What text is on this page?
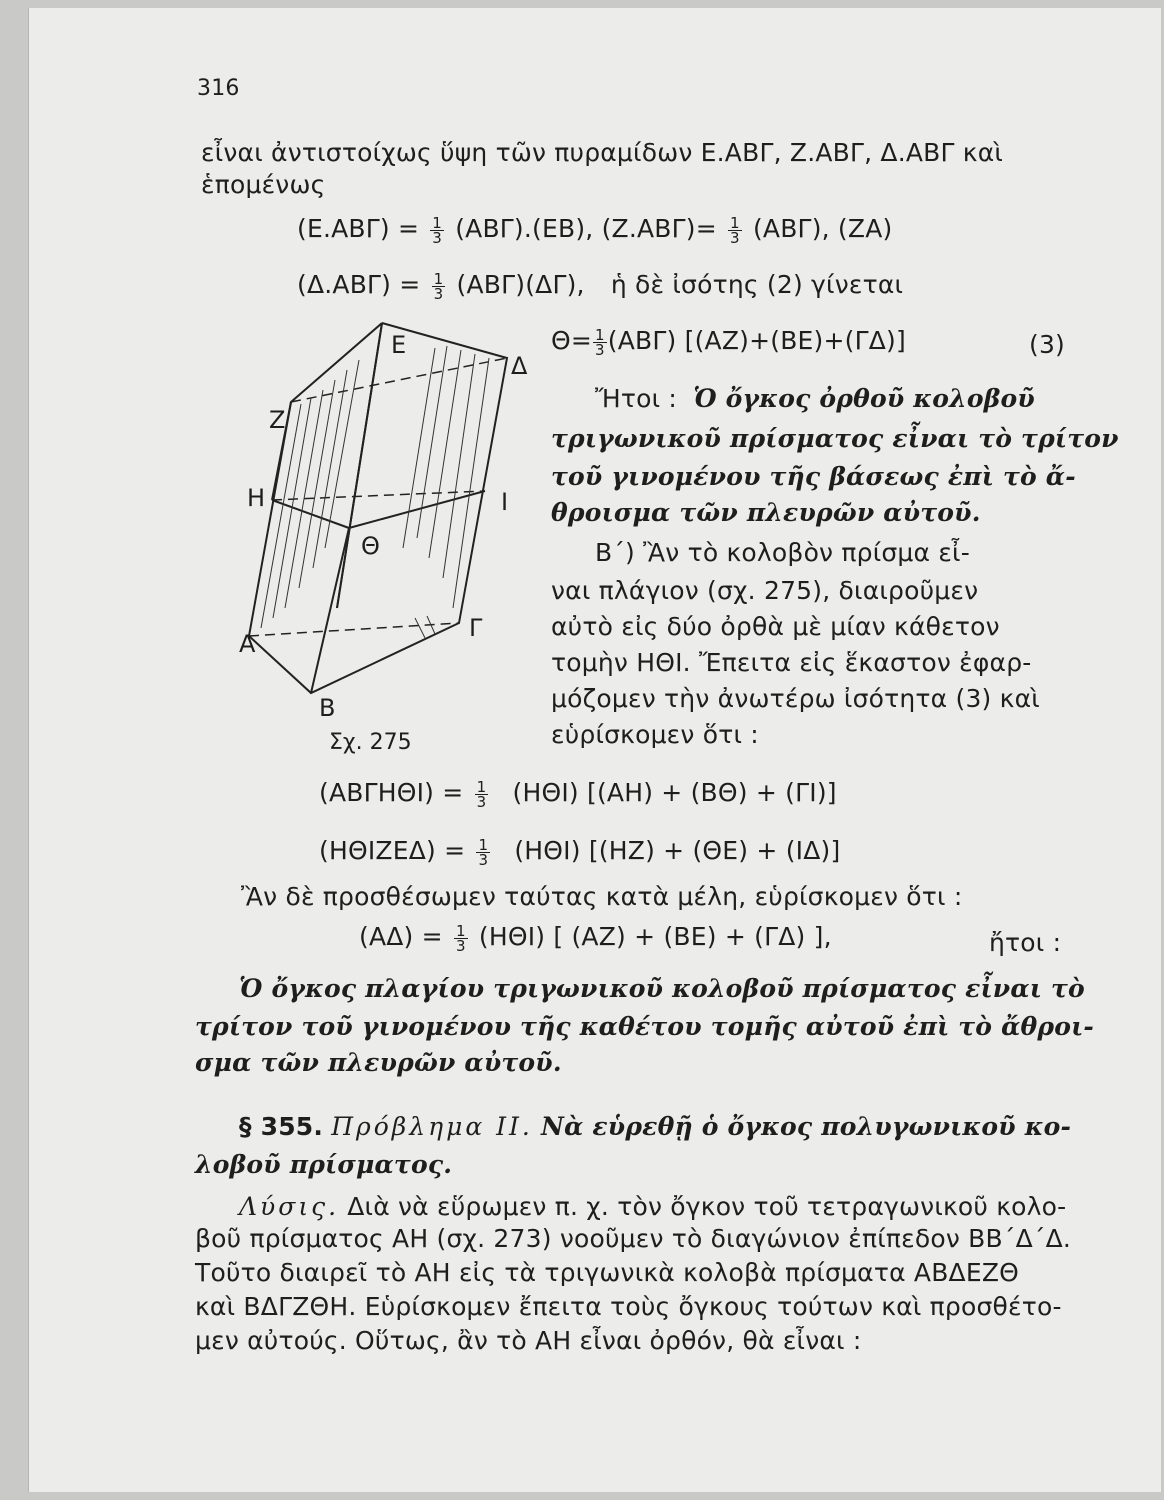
316
εἶναι ἀντιστοίχως ὕψη τῶν πυραμίδων Ε.ΑΒΓ, Ζ.ΑΒΓ, Δ.ΑΒΓ καὶ
ἑπομένως
$(E.AB\Gamma) = \frac{1}{3} (AB\Gamma).(EB)$, $(Z.AB\Gamma)= \frac{1}{3} (AB\Gamma)$, (ΖΑ)
$(\Delta.AB\Gamma) = \frac{1}{3} (AB\Gamma)(\Delta\Gamma)$, ἡ δὲ ἰσότης (2) γίνεται
$\Theta= \frac{1}{3} (AB\Gamma)$ [(ΑΖ)+(ΒΕ)+(ΓΔ)]	(3)
Ἤτοι : Ὁ ὄγκος ὀρθοῦ κολοβοῦ
τριγωνικοῦ πρίσματος εἶναι τὸ τρίτον
τοῦ γινομένου τῆς βάσεως ἐπὶ τὸ ἄ-
θροισμα τῶν πλευρῶν αὐτοῦ.
Β΄) Ἂν τὸ κολοβὸν πρίσμα εἶ-
ναι πλάγιον (σχ. 275), διαιροῦμεν
αὐτὸ εἰς δύο ὀρθὰ μὲ μίαν κάθετον
τομὴν ΗΘΙ. Ἔπειτα εἰς ἕκαστον ἐφαρ-
μόζομεν τὴν ἀνωτέρω ἰσότητα (3) καὶ
εὑρίσκομεν ὅτι :
Ε
Δ
Ζ
Η	Ι
Θ
Α
Γ
Β
Σχ. 275
$(AB\Gamma H\Theta I) = \frac{1}{3} (H\Theta I) [(AH) + (B\Theta) + (\Gamma I)]$
$(H\Theta IZE\Delta) = \frac{1}{3} (H\Theta I) [(HZ) + (\Theta E) + (I\Delta)]$
Ἂν δὲ προσθέσωμεν ταύτας κατὰ μέλη, εὑρίσκομεν ὅτι :
$(A\Delta) = \frac{1}{3} (H\Theta I)$ [ (ΑΖ) + (ΒΕ) + (ΓΔ) ],	ἤτοι :
Ὁ ὄγκος πλαγίου τριγωνικοῦ κολοβοῦ πρίσματος εἶναι τὸ
τρίτον τοῦ γινομένου τῆς καθέτου τομῆς αὐτοῦ ἐπὶ τὸ ἄθροι-
σμα τῶν πλευρῶν αὐτοῦ.
§ 355. Πρόβλημα ΙΙ. Νὰ εὑρεθῇ ὁ ὄγκος πολυγωνικοῦ κο-
λοβοῦ πρίσματος.
Λύσις. Διὰ νὰ εὕρωμεν π. χ. τὸν ὄγκον τοῦ τετραγωνικοῦ κολο-
βοῦ πρίσματος ΑΗ (σχ. 273) νοοῦμεν τὸ διαγώνιον ἐπίπεδον ΒΒ΄Δ΄Δ.
Τοῦτο διαιρεῖ τὸ ΑΗ εἰς τὰ τριγωνικὰ κολοβὰ πρίσματα ΑΒΔΕΖΘ
καὶ ΒΔΓΖΘΗ. Εὑρίσκομεν ἔπειτα τοὺς ὄγκους τούτων καὶ προσθέτο-
μεν αὐτούς. Οὕτως, ἂν τὸ ΑΗ εἶναι ὀρθόν, θὰ εἶναι :
